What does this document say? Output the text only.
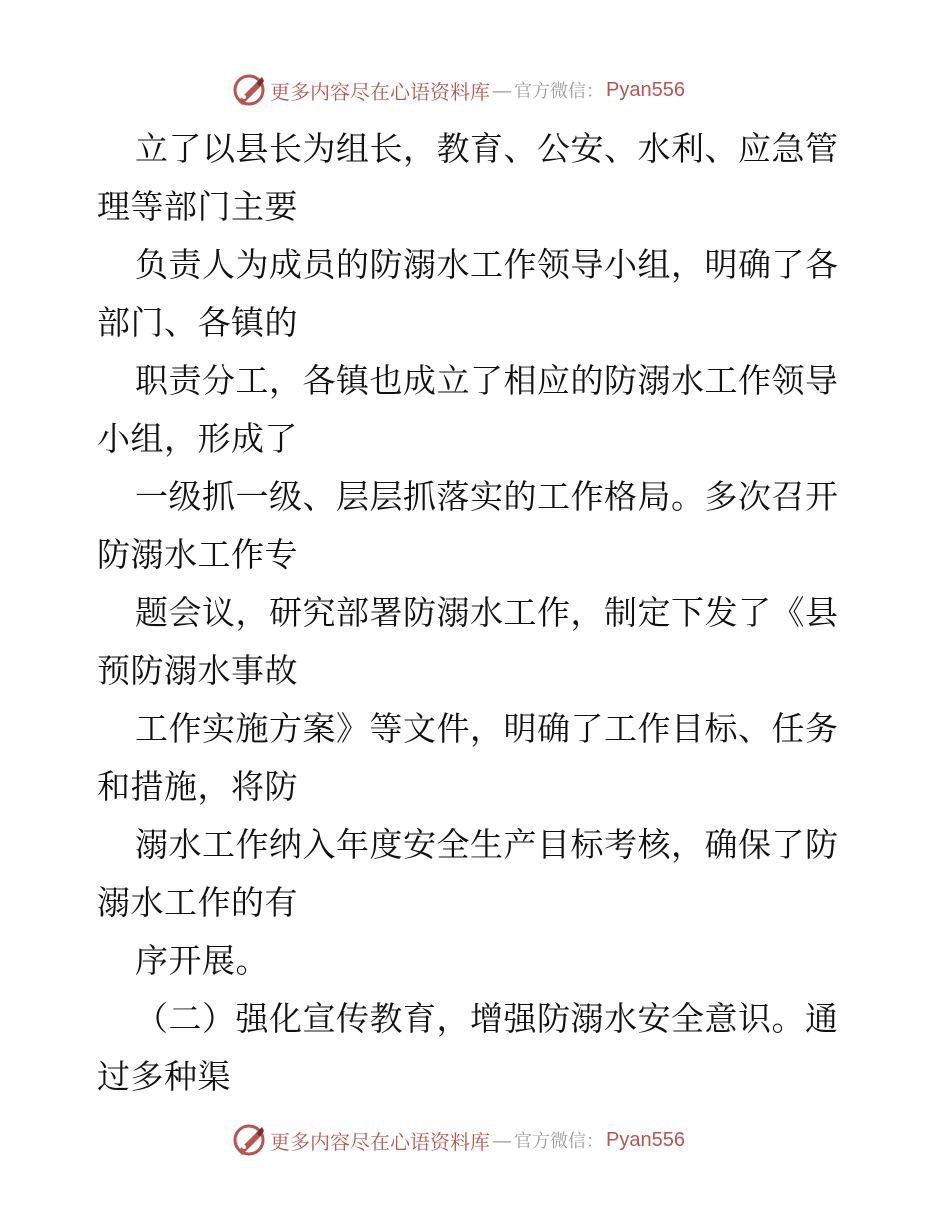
更多内容尽在心语资料库 — 官方微信： Pyan556
立了以县长为组长，教育、公安、水利、应急管
理等部门主要
负责人为成员的防溺水工作领导小组，明确了各
部门、各镇的
职责分工，各镇也成立了相应的防溺水工作领导
小组，形成了
一级抓一级、层层抓落实的工作格局。多次召开
防溺水工作专
题会议，研究部署防溺水工作，制定下发了《县
预防溺水事故
工作实施方案》等文件，明确了工作目标、任务
和措施，将防
溺水工作纳入年度安全生产目标考核，确保了防
溺水工作的有
序开展。
（二）强化宣传教育，增强防溺水安全意识。通
过多种渠
更多内容尽在心语资料库 — 官方微信： Pyan556
